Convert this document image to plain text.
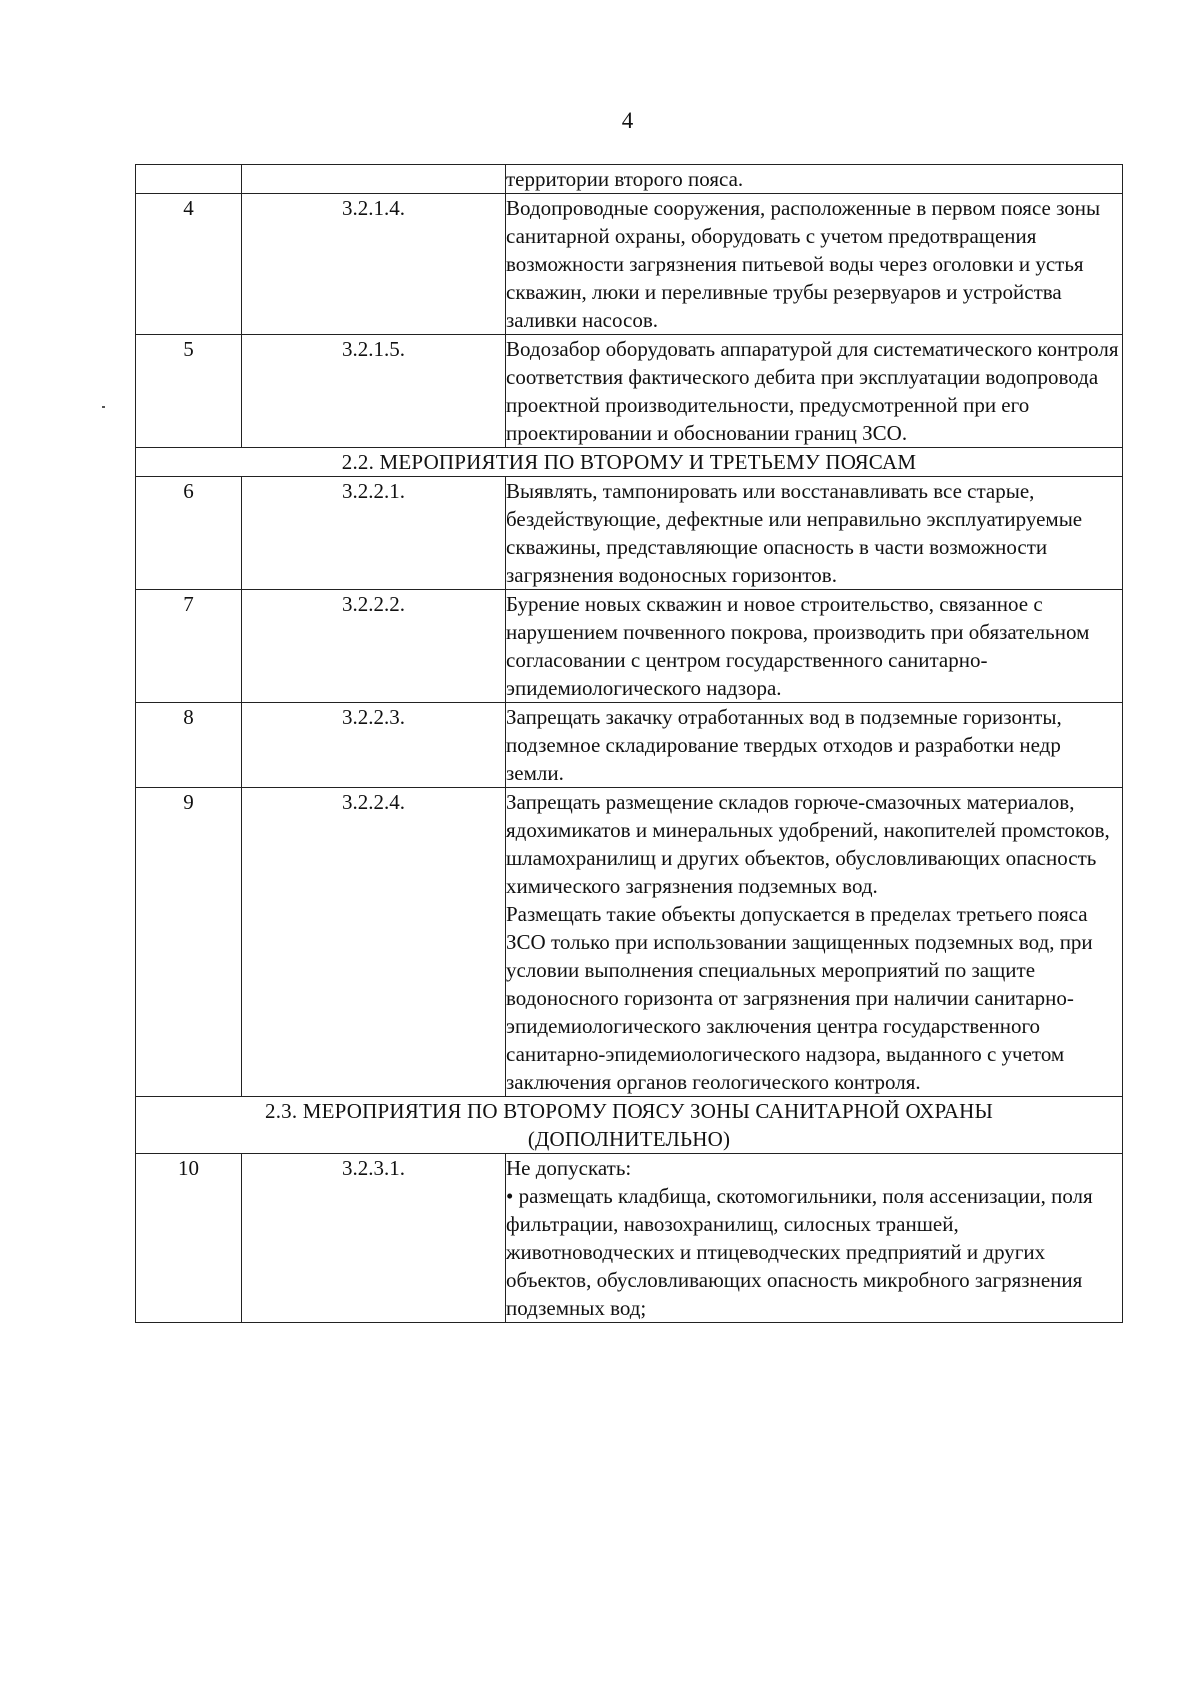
4
		территории второго пояса.
4	3.2.1.4.	Водопроводные сооружения, расположенные в первом поясе зоны санитарной охраны, оборудовать с учетом предотвращения возможности загрязнения питьевой воды через оголовки и устья скважин, люки и переливные трубы резервуаров и устройства заливки насосов.
5	3.2.1.5.	Водозабор оборудовать аппаратурой для систематического контроля соответствия фактического дебита при эксплуатации водопровода проектной производительности, предусмотренной при его проектировании и обосновании границ ЗСО.
2.2. МЕРОПРИЯТИЯ ПО ВТОРОМУ И ТРЕТЬЕМУ ПОЯСАМ		
6	3.2.2.1.	Выявлять, тампонировать или восстанавливать все старые, бездействующие, дефектные или неправильно эксплуатируемые скважины, представляющие опасность в части возможности загрязнения водоносных горизонтов.
7	3.2.2.2.	Бурение новых скважин и новое строительство, связанное с нарушением почвенного покрова, производить при обязательном согласовании с центром государственного санитарно-эпидемиологического надзора.
8	3.2.2.3.	Запрещать закачку отработанных вод в подземные горизонты, подземное складирование твердых отходов и разработки недр земли.
9	3.2.2.4.	Запрещать размещение складов горюче-смазочных материалов, ядохимикатов и минеральных удобрений, накопителей промстоков, шламохранилищ и других объектов, обусловливающих опасность химического загрязнения подземных вод.
Размещать такие объекты допускается в пределах третьего пояса ЗСО только при использовании защищенных подземных вод, при условии выполнения специальных мероприятий по защите водоносного горизонта от загрязнения при наличии санитарно-эпидемиологического заключения центра государственного санитарно-эпидемиологического надзора, выданного с учетом заключения органов геологического контроля.

2.3. МЕРОПРИЯТИЯ ПО ВТОРОМУ ПОЯСУ ЗОНЫ САНИТАРНОЙ ОХРАНЫ
(ДОПОЛНИТЕЛЬНО)		

10	3.2.3.1.	Не допускать:
• размещать кладбища, скотомогильники, поля ассенизации, поля фильтрации, навозохранилищ, силосных траншей,
животноводческих и птицеводческих предприятий и других объектов, обусловливающих опасность микробного загрязнения подземных вод;
